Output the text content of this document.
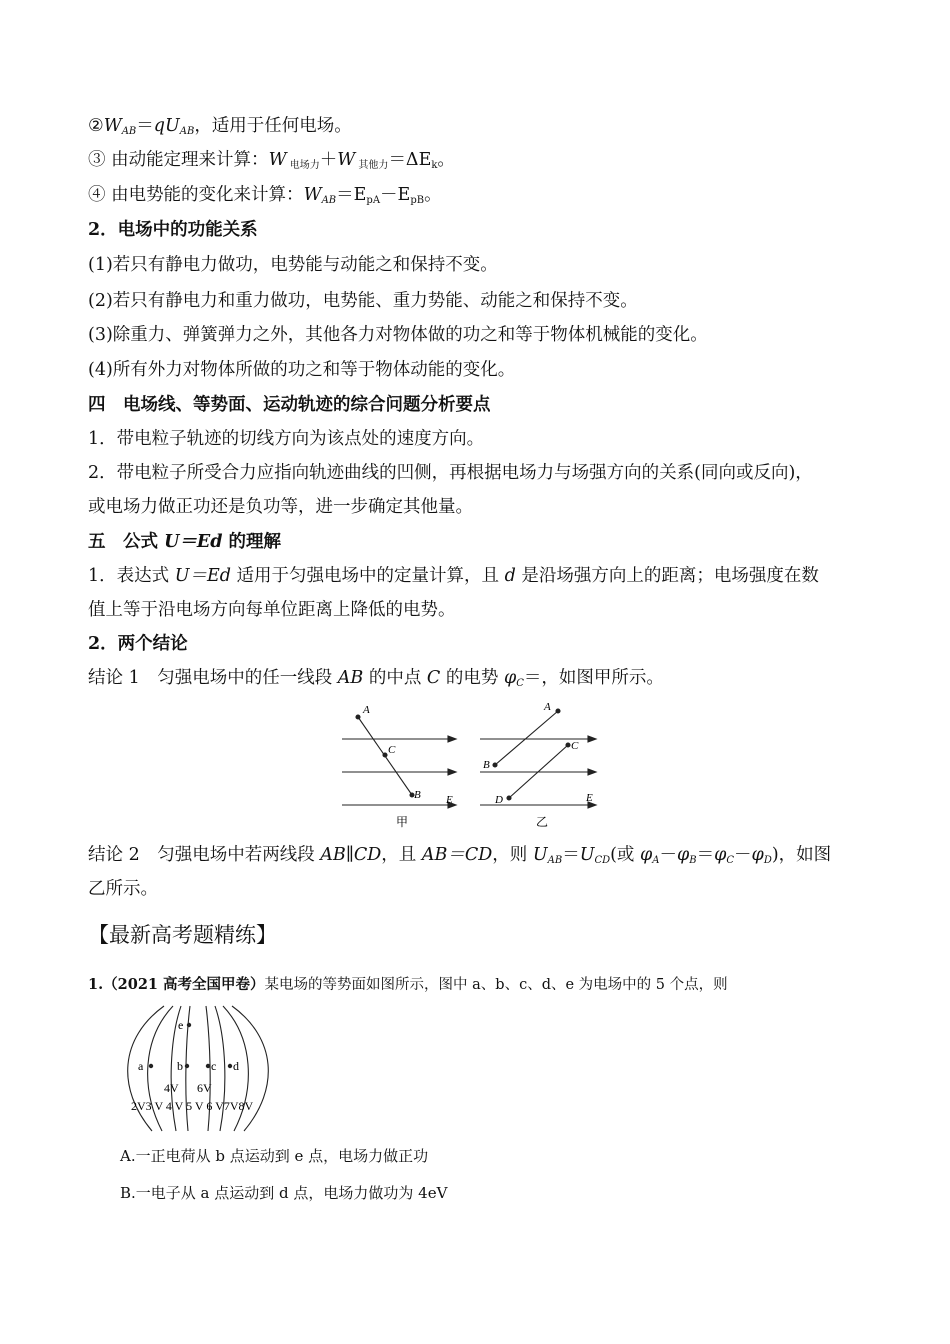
$②W_{AB}=qU_{AB}$，适用于任何电场。
③ 由动能定理来计算：W $_{电场力}$＋W $_{其他力}=\Delta E_k$。
④ 由电势能的变化来计算：$W_{AB}=E_{pA}-E_{pB}$。
2．电场中的功能关系
(1)若只有静电力做功，电势能与动能之和保持不变。
(2)若只有静电力和重力做功，电势能、重力势能、动能之和保持不变。
(3)除重力、弹簧弹力之外，其他各力对物体做的功之和等于物体机械能的变化。
(4)所有外力对物体所做的功之和等于物体动能的变化。
四　电场线、等势面、运动轨迹的综合问题分析要点
1．带电粒子轨迹的切线方向为该点处的速度方向。
2．带电粒子所受合力应指向轨迹曲线的凹侧，再根据电场力与场强方向的关系(同向或反向)，
或电场力做正功还是负功等，进一步确定其他量。
五　公式 U＝Ed 的理解
1．表达式 U＝Ed 适用于匀强电场中的定量计算，且 d 是沿场强方向上的距离；电场强度在数
值上等于沿电场方向每单位距离上降低的电势。
2．两个结论
结论 1　匀强电场中的任一线段 AB 的中点 C 的电势 $\varphi_C=$，如图甲所示。
A
C
B E
甲
A
C
B
D	E
乙
结论 2　匀强电场中若两线段 AB∥CD，且 AB＝CD，则 $U_{AB}=U_{CD}$(或 $\varphi_A-\varphi_B=\varphi_C-\varphi_D$)，如图
乙所示。
【最新高考题精练】
1.（2021 高考全国甲卷）某电场的等势面如图所示，图中 a、b、c、d、e 为电场中的 5 个点，则
e
a	b c d
4V 6V
2V3 V 4 V 5 V 6 V7V8V
A.一正电荷从 b 点运动到 e 点，电场力做正功
B.一电子从 a 点运动到 d 点，电场力做功为 4eV
